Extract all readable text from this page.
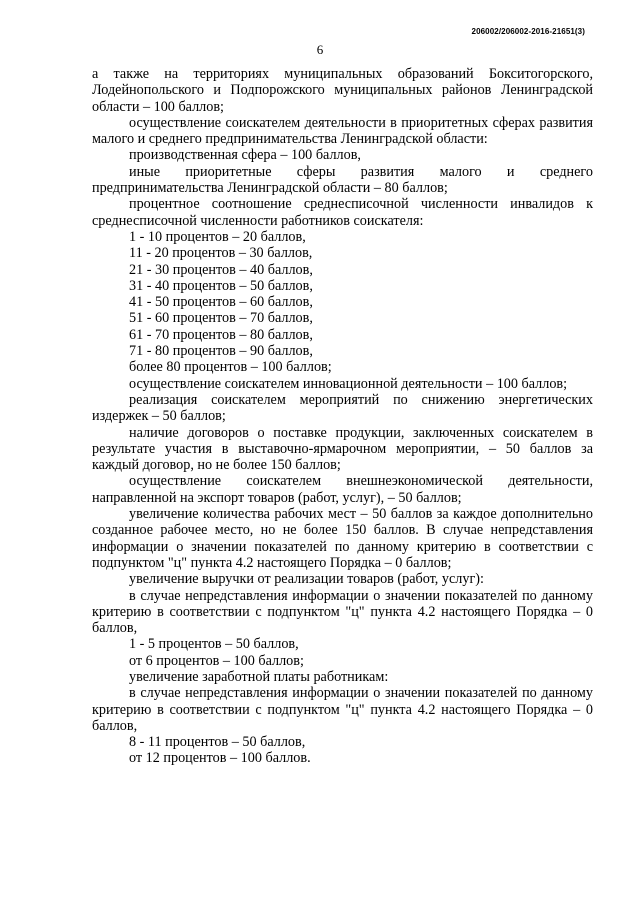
206002/206002-2016-21651(3)
6

а также на территориях муниципальных образований Бокситогорского, Лодейнопольского и Подпорожского муниципальных районов Ленинградской области – 100 баллов;

осуществление соискателем деятельности в приоритетных сферах развития малого и среднего предпринимательства Ленинградской области:

производственная сфера – 100 баллов,

иные приоритетные сферы развития малого и среднего предпринимательства Ленинградской области – 80 баллов;

процентное соотношение среднесписочной численности инвалидов к среднесписочной численности работников соискателя:

1 - 10 процентов – 20 баллов,

11 - 20 процентов – 30 баллов,

21 - 30 процентов – 40 баллов,

31 - 40 процентов – 50 баллов,

41 - 50 процентов – 60 баллов,

51 - 60 процентов – 70 баллов,

61 - 70 процентов – 80 баллов,

71 - 80 процентов – 90 баллов,

более 80 процентов – 100 баллов;

осуществление соискателем инновационной деятельности – 100 баллов;

реализация соискателем мероприятий по снижению энергетических издержек – 50 баллов;

наличие договоров о поставке продукции, заключенных соискателем в результате участия в выставочно-ярмарочном мероприятии, – 50 баллов за каждый договор, но не более 150 баллов;

осуществление соискателем внешнеэкономической деятельности, направленной на экспорт товаров (работ, услуг), – 50 баллов;

увеличение количества рабочих мест – 50 баллов за каждое дополнительно созданное рабочее место, но не более 150 баллов. В случае непредставления информации о значении показателей по данному критерию в соответствии с подпунктом "ц" пункта 4.2 настоящего Порядка – 0 баллов;

увеличение выручки от реализации товаров (работ, услуг):

в случае непредставления информации о значении показателей по данному критерию в соответствии с подпунктом "ц" пункта 4.2 настоящего Порядка – 0 баллов,

1 - 5 процентов – 50 баллов,

от 6 процентов – 100 баллов;

увеличение заработной платы работникам:

в случае непредставления информации о значении показателей по данному критерию в соответствии с подпунктом "ц" пункта 4.2 настоящего Порядка – 0 баллов,

8 - 11 процентов – 50 баллов,

от 12 процентов – 100 баллов.
